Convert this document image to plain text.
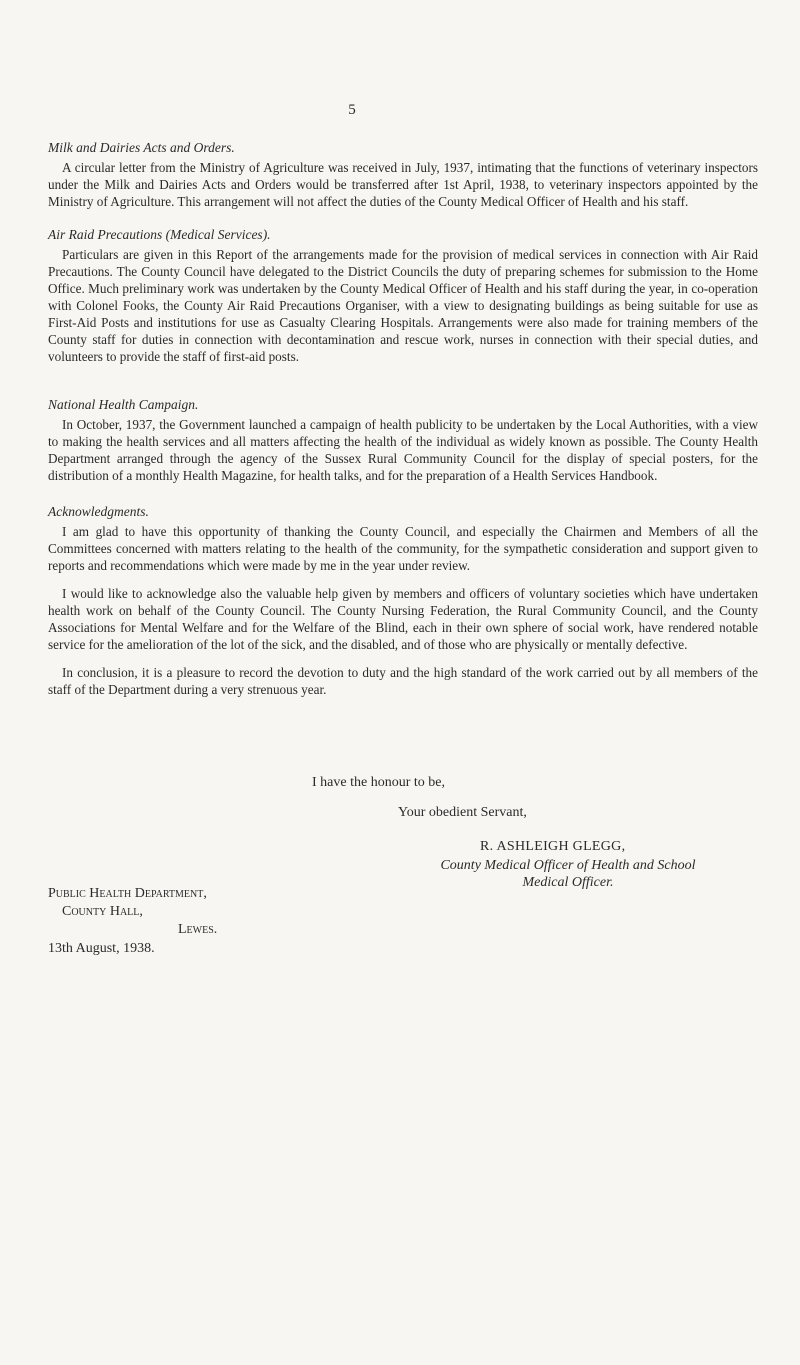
5
Milk and Dairies Acts and Orders.

A circular letter from the Ministry of Agriculture was received in July, 1937, intimating that the functions of veterinary inspectors under the Milk and Dairies Acts and Orders would be transferred after 1st April, 1938, to veterinary inspectors appointed by the Ministry of Agriculture. This arrangement will not affect the duties of the County Medical Officer of Health and his staff.

Air Raid Precautions (Medical Services).

Particulars are given in this Report of the arrangements made for the provision of medical services in connection with Air Raid Precautions. The County Council have delegated to the District Councils the duty of preparing schemes for submission to the Home Office. Much preliminary work was undertaken by the County Medical Officer of Health and his staff during the year, in co-operation with Colonel Fooks, the County Air Raid Precautions Organiser, with a view to designating buildings as being suitable for use as First-Aid Posts and institutions for use as Casualty Clearing Hospitals. Arrangements were also made for training members of the County staff for duties in connection with decontamination and rescue work, nurses in connection with their special duties, and volunteers to provide the staff of first-aid posts.

National Health Campaign.

In October, 1937, the Government launched a campaign of health publicity to be undertaken by the Local Authorities, with a view to making the health services and all matters affecting the health of the individual as widely known as possible. The County Health Department arranged through the agency of the Sussex Rural Community Council for the display of special posters, for the distribution of a monthly Health Magazine, for health talks, and for the preparation of a Health Services Handbook.

Acknowledgments.

I am glad to have this opportunity of thanking the County Council, and especially the Chairmen and Members of all the Committees concerned with matters relating to the health of the community, for the sympathetic consideration and support given to reports and recommendations which were made by me in the year under review.

I would like to acknowledge also the valuable help given by members and officers of voluntary societies which have undertaken health work on behalf of the County Council. The County Nursing Federation, the Rural Community Council, and the County Associations for Mental Welfare and for the Welfare of the Blind, each in their own sphere of social work, have rendered notable service for the amelioration of the lot of the sick, and the disabled, and of those who are physically or mentally defective.

In conclusion, it is a pleasure to record the devotion to duty and the high standard of the work carried out by all members of the staff of the Department during a very strenuous year.

I have the honour to be,
Your obedient Servant,
R. ASHLEIGH GLEGG,
County Medical Officer of Health and School
Medical Officer.
Public Health Department,
County Hall,
Lewes.
13th August, 1938.
